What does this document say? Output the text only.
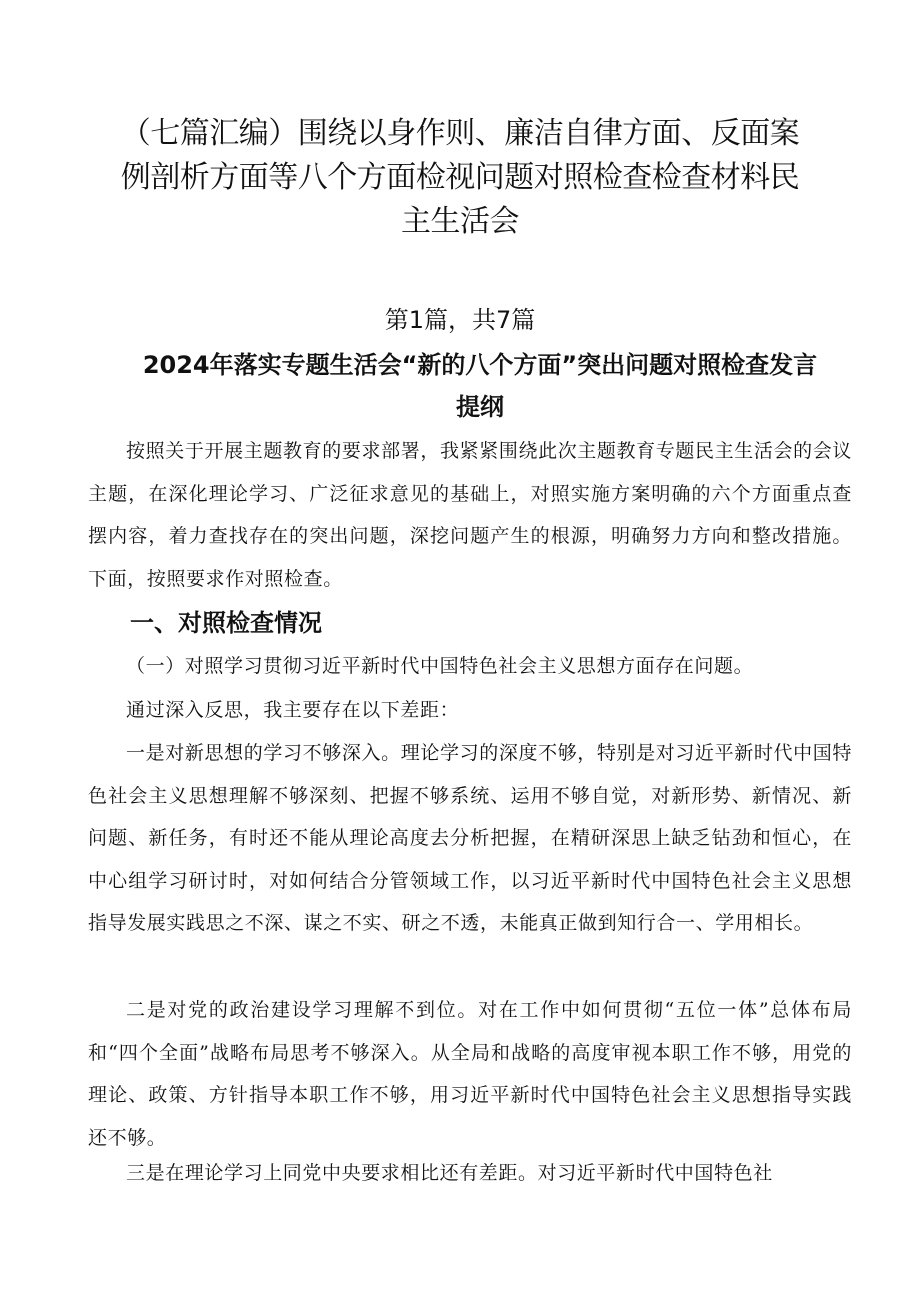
（七篇汇编）围绕以身作则、廉洁自律方面、反面案
例剖析方面等八个方面检视问题对照检查检查材料民
主生活会

第1篇，共7篇

2024年落实专题生活会“新的八个方面”突出问题对照检查发言
提纲

按照关于开展主题教育的要求部署，我紧紧围绕此次主题教育专题民主生活会的会议主题，在深化理论学习、广泛征求意见的基础上，对照实施方案明确的六个方面重点查摆内容，着力查找存在的突出问题，深挖问题产生的根源，明确努力方向和整改措施。下面，按照要求作对照检查。

一、对照检查情况

（一）对照学习贯彻习近平新时代中国特色社会主义思想方面存在问题。

通过深入反思，我主要存在以下差距：

一是对新思想的学习不够深入。理论学习的深度不够，特别是对习近平新时代中国特色社会主义思想理解不够深刻、把握不够系统、运用不够自觉，对新形势、新情况、新问题、新任务，有时还不能从理论高度去分析把握，在精研深思上缺乏钻劲和恒心，在中心组学习研讨时，对如何结合分管领域工作，以习近平新时代中国特色社会主义思想指导发展实践思之不深、谋之不实、研之不透，未能真正做到知行合一、学用相长。

二是对党的政治建设学习理解不到位。对在工作中如何贯彻“五位一体”总体布局和“四个全面”战略布局思考不够深入。从全局和战略的高度审视本职工作不够，用党的理论、政策、方针指导本职工作不够，用习近平新时代中国特色社会主义思想指导实践还不够。

三是在理论学习上同党中央要求相比还有差距。对习近平新时代中国特色社
